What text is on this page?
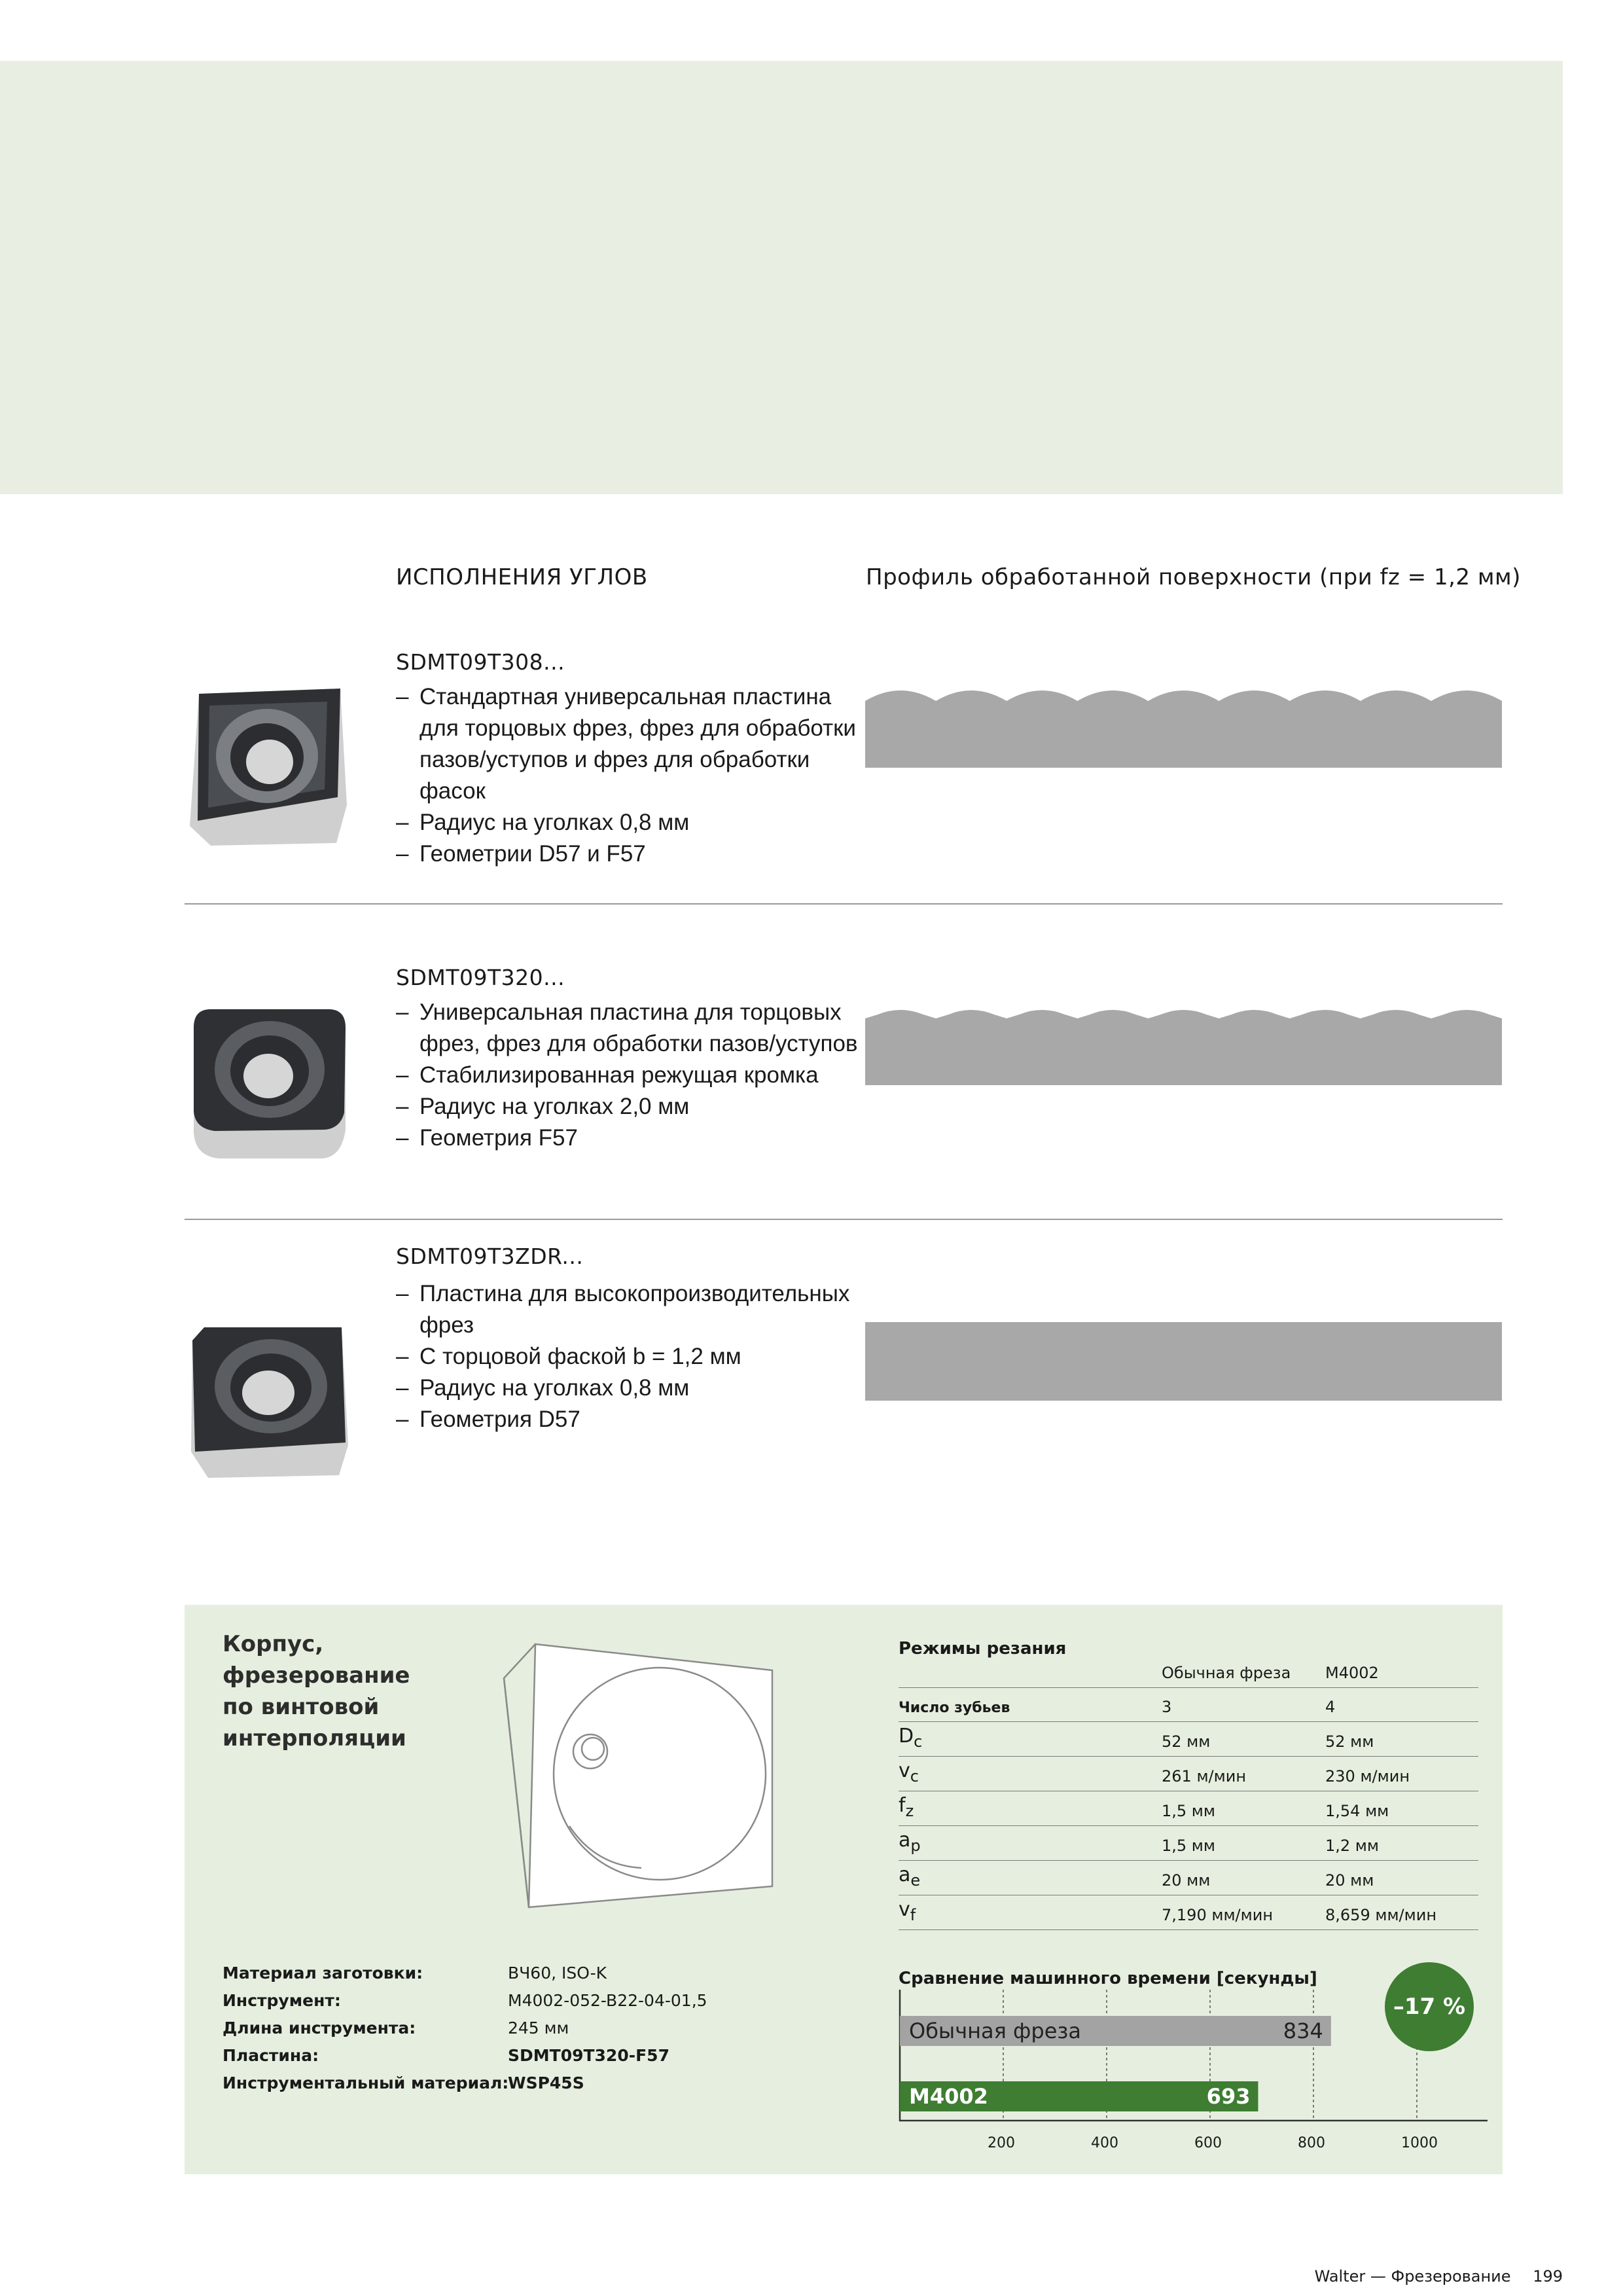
ИСПОЛНЕНИЯ УГЛОВ	Профиль обработанной поверхности (при fz = 1,2 мм)
SDMT09T308...
– Стандартная универсальная пластина
для торцовых фрез, фрез для обработки
пазов/уступов и фрез для обработки
фасок
– Радиус на уголках 0,8 мм
– Геометрии D57 и F57
SDMT09T320...
– Универсальная пластина для торцовых
фрез, фрез для обработки пазов/уступов
– Стабилизированная режущая кромка
– Радиус на уголках 2,0 мм
– Геометрия F57
SDMT09T3ZDR...
– Пластина для высокопроизводительных
фрез
– С торцовой фаской b = 1,2 мм
– Радиус на уголках 0,8 мм
– Геометрия D57
Корпус,
фрезерование
по винтовой
интерполяции
Режимы резания
Обычная фреза M4002
Число зубьев	3	4
$D_c$	52 мм	52 мм
$v_c$	261 м/мин	230 м/мин
$f_z$	1,5 мм	1,54 мм
$a_p$	1,5 мм	1,2 мм
$a_e$	20 мм	20 мм
$v_f$	7,190 мм/мин	8,659 мм/мин
Материал заготовки:	ВЧ60, ISO-K
Инструмент:	M4002-052-B22-04-01,5
Длина инструмента:	245 мм
Пластина:	SDMT09T320-F57
Инструментальный материал:
WSP45S
Сравнение машинного времени [секунды]
Обычная фреза	834
M4002	693
200	400	600	800	1000
–17 %
Walter — Фрезерование 199
